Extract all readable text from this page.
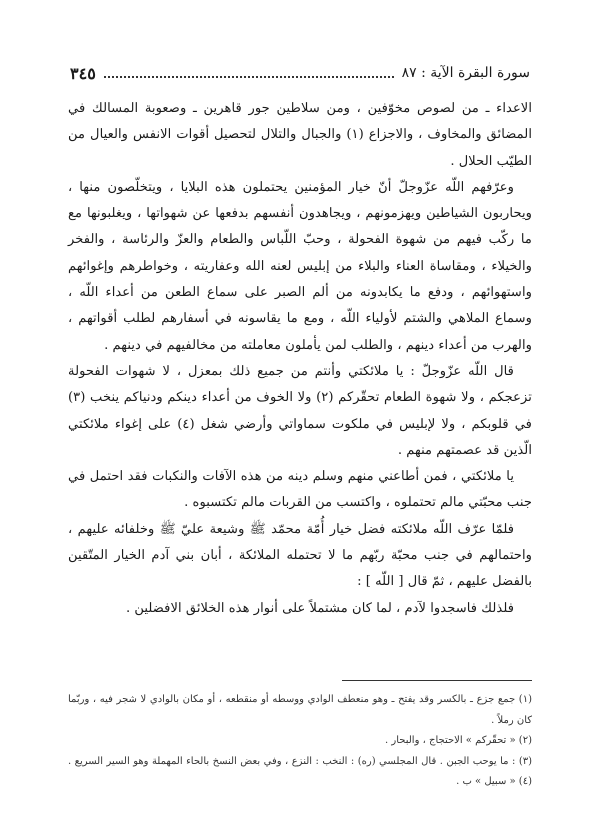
سورة البقرة الآية : ٨٧
٣٤٥

الاعداء ـ من لصوص مخوّفين ، ومن سلاطين جور قاهرين ـ وصعوبة المسالك في المضائق والمخاوف ، والاجزاع (١) والجبال والتلال لتحصيل أقوات الانفس والعيال من الطيّب الحلال .

وعرّفهم اللّه عزّوجلّ أنّ خيار المؤمنين يحتملون هذه البلايا ، ويتخلّصون منها ، ويحاربون الشياطين ويهزمونهم ، ويجاهدون أنفسهم بدفعها عن شهواتها ، ويغلبونها مع ما ركّب فيهم من شهوة الفحولة ، وحبّ اللّباس والطعام والعزّ والرئاسة ، والفخر والخيلاء ، ومقاساة العناء والبلاء من إبليس لعنه الله وعفاريته ، وخواطرهم وإغوائهم واستهوائهم ، ودفع ما يكابدونه من ألم الصبر على سماع الطعن من أعداء اللّه ، وسماع الملاهي والشتم لأولياء اللّه ، ومع ما يقاسونه في أسفارهم لطلب أقواتهم ، والهرب من أعداء دينهم ، والطلب لمن يأملون معاملته من مخالفيهم في دينهم .

قال اللّه عزّوجلّ : يا ملائكتي وأنتم من جميع ذلك بمعزل ، لا شهوات الفحولة تزعجكم ، ولا شهوة الطعام تحقّركم (٢) ولا الخوف من أعداء دينكم ودنياكم ينخب (٣) في قلوبكم ، ولا لإبليس في ملكوت سماواتي وأرضي شغل (٤) على إغواء ملائكتي الّذين قد عصمتهم منهم .

يا ملائكتي ، فمن أطاعني منهم وسلم دينه من هذه الآفات والنكبات فقد احتمل في جنب محبّتي مالم تحتملوه ، واكتسب من القربات مالم تكتسبوه .

فلمّا عرّف اللّه ملائكته فضل خيار أُمّة محمّد ﷺ وشيعة عليّ ﷺ وخلفائه عليهم ، واحتمالهم في جنب محبّة ربّهم ما لا تحتمله الملائكة ، أبان بني آدم الخيار المتّقين بالفضل عليهم ، ثمّ قال [ اللّه ] :

فلذلك فاسجدوا لآدم ، لما كان مشتملاً على أنوار هذه الخلائق الافضلين .

(١) جمع جزع ـ بالكسر وقد يفتح ـ وهو منعطف الوادي ووسطه أو منقطعه ، أو مكان بالوادي لا شجر فيه ، وربّما كان رملاً .

(٢) « تحقّركم » الاحتجاج ، والبحار .

(٣) : ما يوحب الجبن . قال المجلسي (ره) : النخب : النزع ، وفي بعض النسخ بالحاء المهملة وهو السير السريع . (٤) « سبيل » ب .
